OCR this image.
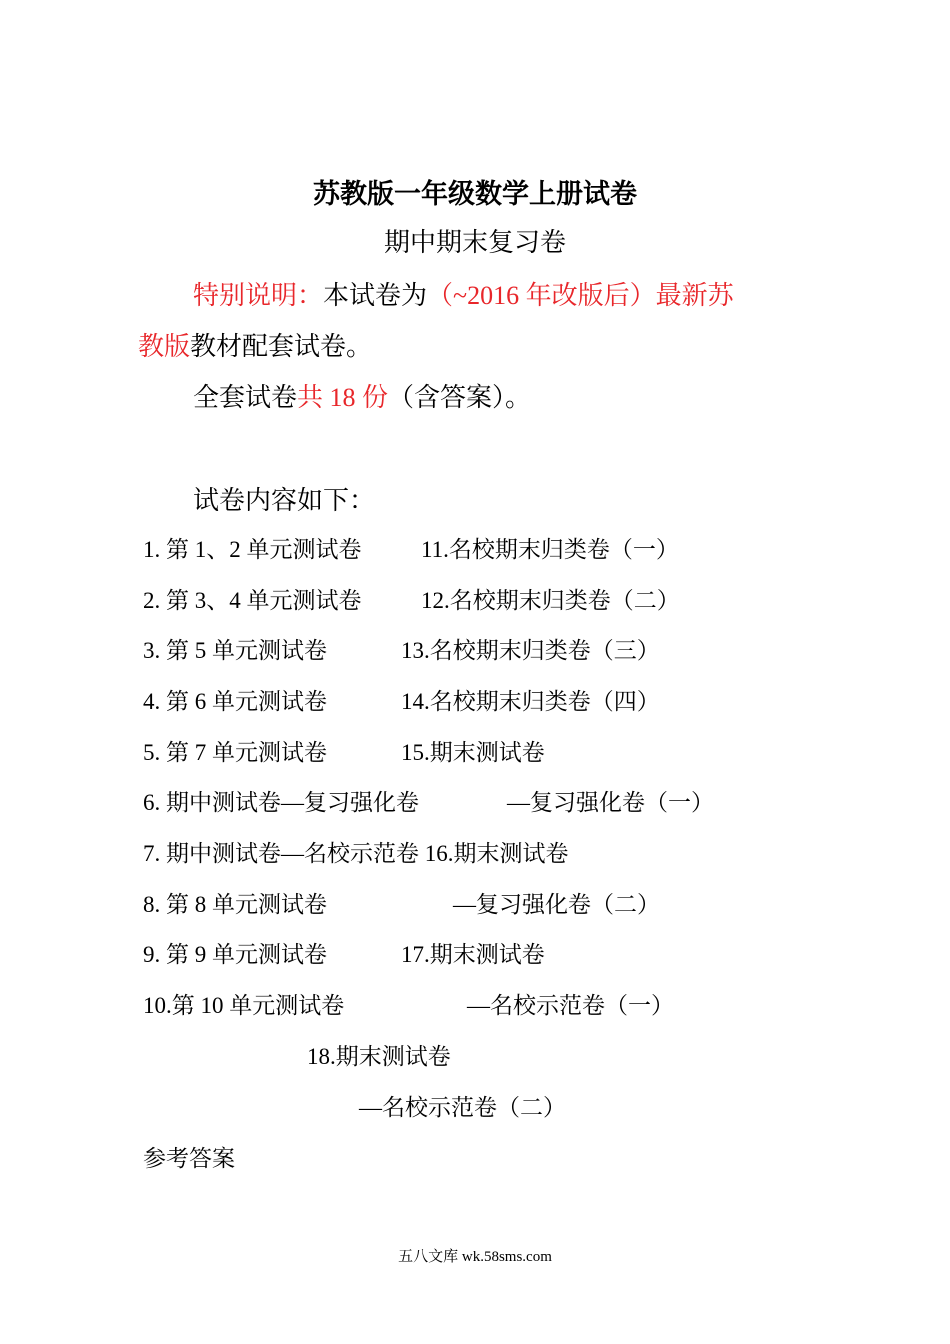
苏教版一年级数学上册试卷
期中期末复习卷
特别说明：本试卷为（~2016 年改版后）最新苏
教版教材配套试卷。
全套试卷共 18 份（含答案）。
试卷内容如下：
1. 第 1、2 单元测试卷	11.名校期末归类卷（一）
2. 第 3、4 单元测试卷	12.名校期末归类卷（二）
3. 第 5 单元测试卷	13.名校期末归类卷（三）
4. 第 6 单元测试卷	14.名校期末归类卷（四）
5. 第 7 单元测试卷	15.期末测试卷
6. 期中测试卷—复习强化卷	—复习强化卷（一）
7. 期中测试卷—名校示范卷 16.期末测试卷
8. 第 8 单元测试卷	—复习强化卷（二）
9. 第 9 单元测试卷	17.期末测试卷
10.第 10 单元测试卷	—名校示范卷（一）
18.期末测试卷
—名校示范卷（二）
参考答案
五八文库 wk.58sms.com
